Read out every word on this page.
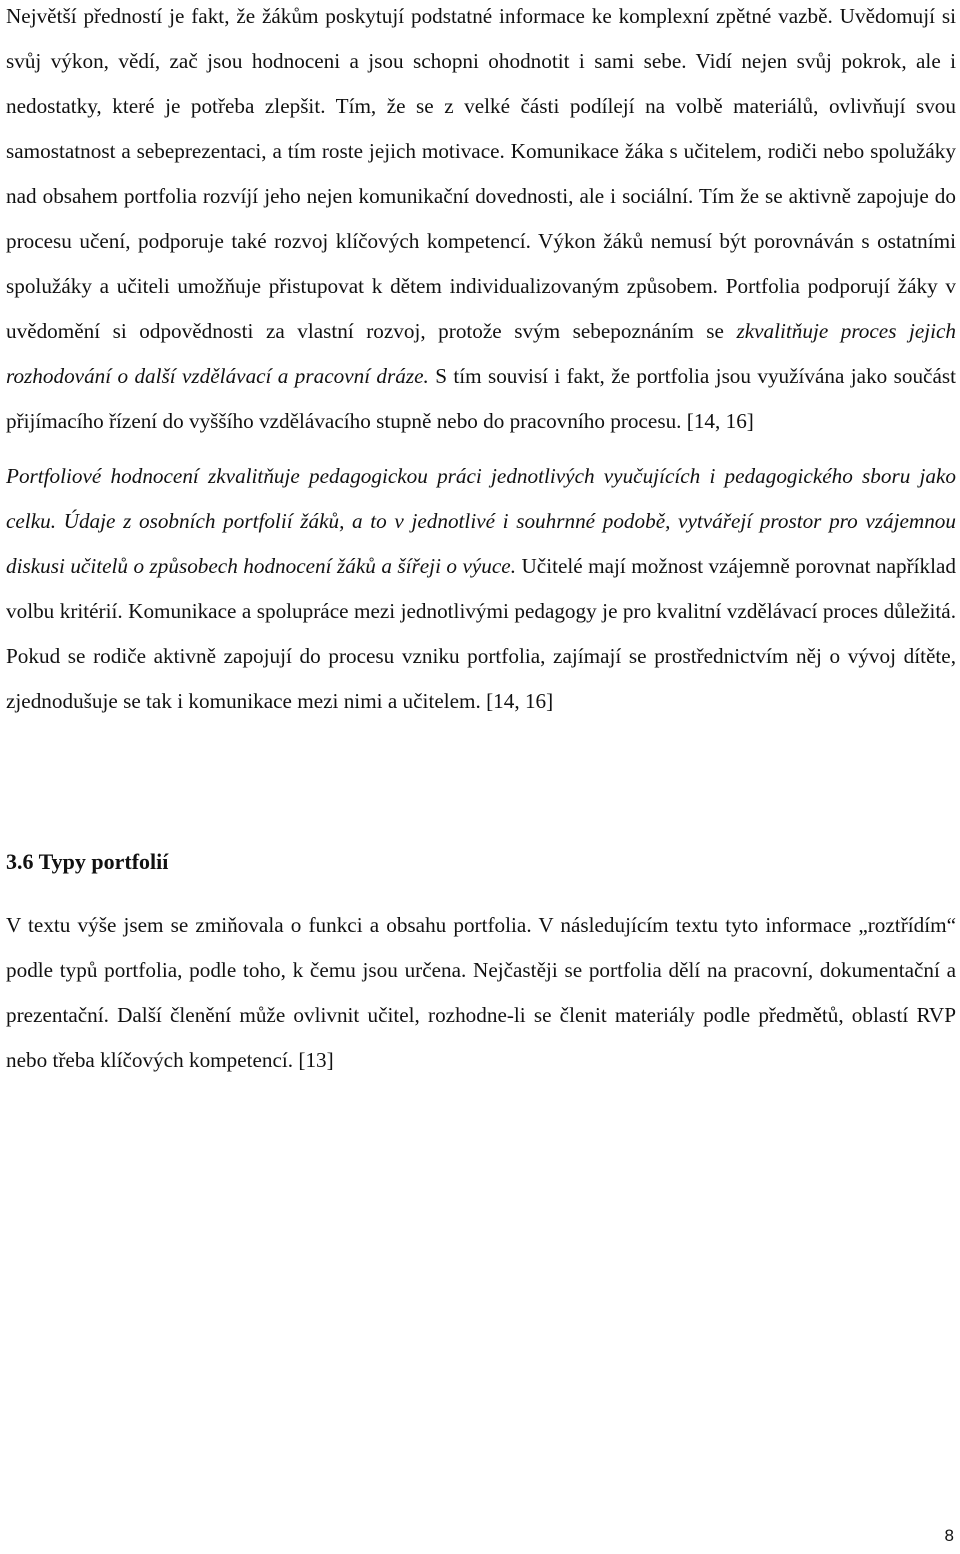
Největší předností je fakt, že žákům poskytují podstatné informace ke komplexní zpětné vazbě. Uvědomují si svůj výkon, vědí, zač jsou hodnoceni a jsou schopni ohodnotit i sami sebe. Vidí nejen svůj pokrok, ale i nedostatky, které je potřeba zlepšit. Tím, že se z velké části podílejí na volbě materiálů, ovlivňují svou samostatnost a sebeprezentaci, a tím roste jejich motivace. Komunikace žáka s učitelem, rodiči nebo spolužáky nad obsahem portfolia rozvíjí jeho nejen komunikační dovednosti, ale i sociální. Tím že se aktivně zapojuje do procesu učení, podporuje také rozvoj klíčových kompetencí. Výkon žáků nemusí být porovnáván s ostatními spolužáky a učiteli umožňuje přistupovat k dětem individualizovaným způsobem. Portfolia podporují žáky v uvědomění si odpovědnosti za vlastní rozvoj, protože svým sebepoznáním se zkvalitňuje proces jejich rozhodování o další vzdělávací a pracovní dráze. S tím souvisí i fakt, že portfolia jsou využívána jako součást přijímacího řízení do vyššího vzdělávacího stupně nebo do pracovního procesu. [14, 16]

Portfoliové hodnocení zkvalitňuje pedagogickou práci jednotlivých vyučujících i pedagogického sboru jako celku. Údaje z osobních portfolií žáků, a to v jednotlivé i souhrnné podobě, vytvářejí prostor pro vzájemnou diskusi učitelů o způsobech hodnocení žáků a šířeji o výuce. Učitelé mají možnost vzájemně porovnat například volbu kritérií. Komunikace a spolupráce mezi jednotlivými pedagogy je pro kvalitní vzdělávací proces důležitá. Pokud se rodiče aktivně zapojují do procesu vzniku portfolia, zajímají se prostřednictvím něj o vývoj dítěte, zjednodušuje se tak i komunikace mezi nimi a učitelem. [14, 16]

3.6 Typy portfolií

V textu výše jsem se zmiňovala o funkci a obsahu portfolia. V následujícím textu tyto informace „roztřídím“ podle typů portfolia, podle toho, k čemu jsou určena. Nejčastěji se portfolia dělí na pracovní, dokumentační a prezentační. Další členění může ovlivnit učitel, rozhodne-li se členit materiály podle předmětů, oblastí RVP nebo třeba klíčových kompetencí. [13]

8
